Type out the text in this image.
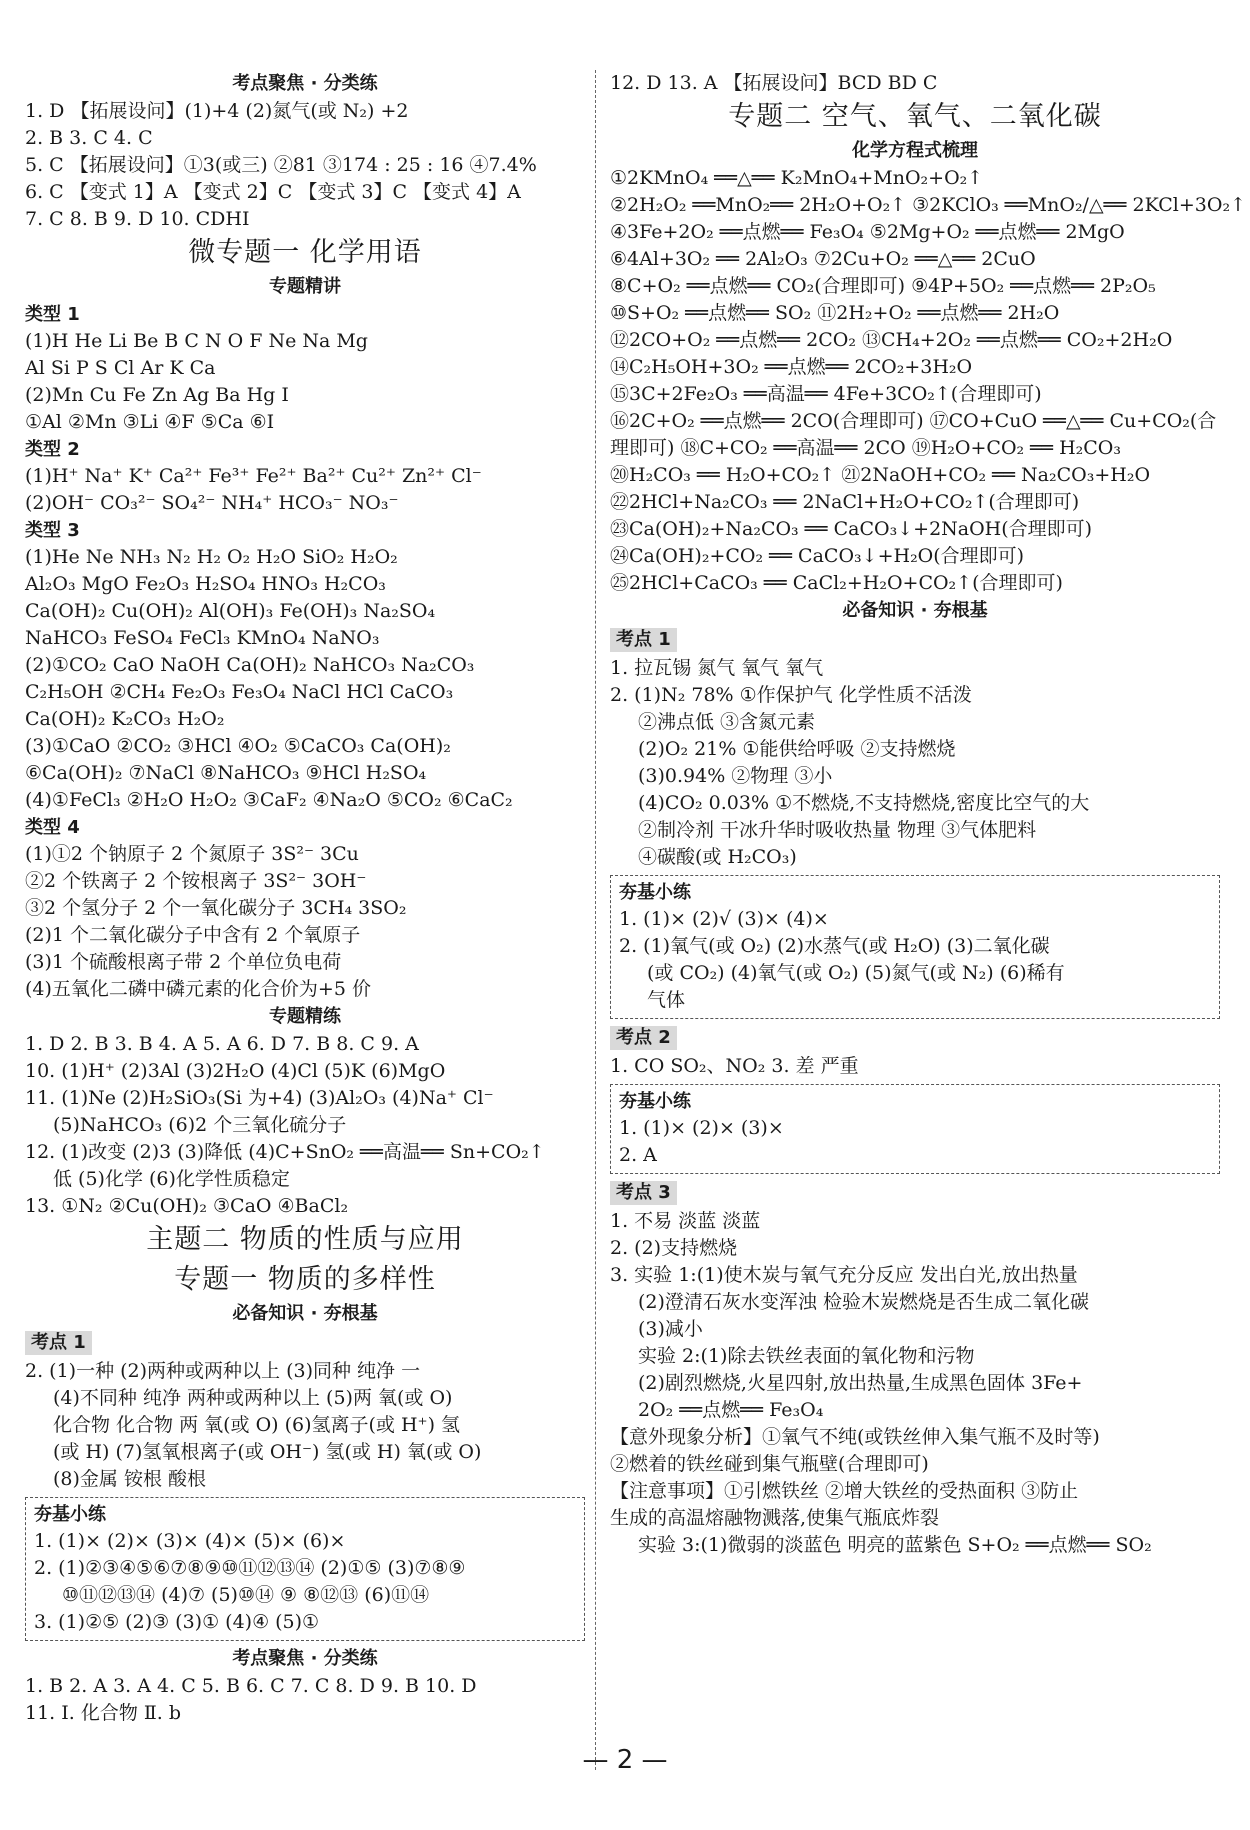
考点聚焦 · 分类练
1. D 【拓展设问】(1)+4 (2)氮气(或 N₂) +2
2. B 3. C 4. C
5. C 【拓展设问】①3(或三) ②81 ③174 : 25 : 16 ④7.4%
6. C 【变式 1】A 【变式 2】C 【变式 3】C 【变式 4】A
7. C 8. B 9. D 10. CDHI
微专题一 化学用语
专题精讲
类型 1
(1)H He Li Be B C N O F Ne Na Mg
Al Si P S Cl Ar K Ca
(2)Mn Cu Fe Zn Ag Ba Hg I
①Al ②Mn ③Li ④F ⑤Ca ⑥I
类型 2
(1)H⁺ Na⁺ K⁺ Ca²⁺ Fe³⁺ Fe²⁺ Ba²⁺ Cu²⁺ Zn²⁺ Cl⁻
(2)OH⁻ CO₃²⁻ SO₄²⁻ NH₄⁺ HCO₃⁻ NO₃⁻
类型 3
(1)He Ne NH₃ N₂ H₂ O₂ H₂O SiO₂ H₂O₂
Al₂O₃ MgO Fe₂O₃ H₂SO₄ HNO₃ H₂CO₃
Ca(OH)₂ Cu(OH)₂ Al(OH)₃ Fe(OH)₃ Na₂SO₄
NaHCO₃ FeSO₄ FeCl₃ KMnO₄ NaNO₃
(2)①CO₂ CaO NaOH Ca(OH)₂ NaHCO₃ Na₂CO₃
C₂H₅OH ②CH₄ Fe₂O₃ Fe₃O₄ NaCl HCl CaCO₃
Ca(OH)₂ K₂CO₃ H₂O₂
(3)①CaO ②CO₂ ③HCl ④O₂ ⑤CaCO₃ Ca(OH)₂
⑥Ca(OH)₂ ⑦NaCl ⑧NaHCO₃ ⑨HCl H₂SO₄
(4)①FeCl₃ ②H₂O H₂O₂ ③CaF₂ ④Na₂O ⑤CO₂ ⑥CaC₂
类型 4
(1)①2 个钠原子 2 个氮原子 3S²⁻ 3Cu
②2 个铁离子 2 个铵根离子 3S²⁻ 3OH⁻
③2 个氢分子 2 个一氧化碳分子 3CH₄ 3SO₂
(2)1 个二氧化碳分子中含有 2 个氧原子
(3)1 个硫酸根离子带 2 个单位负电荷
(4)五氧化二磷中磷元素的化合价为+5 价
专题精练
1. D 2. B 3. B 4. A 5. A 6. D 7. B 8. C 9. A
10. (1)H⁺ (2)3Al (3)2H₂O (4)Cl (5)K (6)MgO
11. (1)Ne (2)H₂SiO₃(Si 为+4) (3)Al₂O₃ (4)Na⁺ Cl⁻
(5)NaHCO₃ (6)2 个三氧化硫分子
12. (1)改变 (2)3 (3)降低 (4)C+SnO₂ ══高温══ Sn+CO₂↑
低 (5)化学 (6)化学性质稳定
13. ①N₂ ②Cu(OH)₂ ③CaO ④BaCl₂
主题二 物质的性质与应用
专题一 物质的多样性
必备知识 · 夯根基
考点 1
2. (1)一种 (2)两种或两种以上 (3)同种 纯净 一
(4)不同种 纯净 两种或两种以上 (5)两 氧(或 O)
化合物 化合物 两 氧(或 O) (6)氢离子(或 H⁺) 氢
(或 H) (7)氢氧根离子(或 OH⁻) 氢(或 H) 氧(或 O)
(8)金属 铵根 酸根
夯基小练
1. (1)× (2)× (3)× (4)× (5)× (6)×
2. (1)②③④⑤⑥⑦⑧⑨⑩⑪⑫⑬⑭ (2)①⑤ (3)⑦⑧⑨
⑩⑪⑫⑬⑭ (4)⑦ (5)⑩⑭ ⑨ ⑧⑫⑬ (6)⑪⑭
3. (1)②⑤ (2)③ (3)① (4)④ (5)①
考点聚焦 · 分类练
1. B 2. A 3. A 4. C 5. B 6. C 7. C 8. D 9. B 10. D
11. Ⅰ. 化合物 Ⅱ. b
12. D 13. A 【拓展设问】BCD BD C
专题二 空气、氧气、二氧化碳
化学方程式梳理
①2KMnO₄ ══△══ K₂MnO₄+MnO₂+O₂↑
②2H₂O₂ ══MnO₂══ 2H₂O+O₂↑ ③2KClO₃ ══MnO₂/△══ 2KCl+3O₂↑
④3Fe+2O₂ ══点燃══ Fe₃O₄ ⑤2Mg+O₂ ══点燃══ 2MgO
⑥4Al+3O₂ ══ 2Al₂O₃ ⑦2Cu+O₂ ══△══ 2CuO
⑧C+O₂ ══点燃══ CO₂(合理即可) ⑨4P+5O₂ ══点燃══ 2P₂O₅
⑩S+O₂ ══点燃══ SO₂ ⑪2H₂+O₂ ══点燃══ 2H₂O
⑫2CO+O₂ ══点燃══ 2CO₂ ⑬CH₄+2O₂ ══点燃══ CO₂+2H₂O
⑭C₂H₅OH+3O₂ ══点燃══ 2CO₂+3H₂O
⑮3C+2Fe₂O₃ ══高温══ 4Fe+3CO₂↑(合理即可)
⑯2C+O₂ ══点燃══ 2CO(合理即可) ⑰CO+CuO ══△══ Cu+CO₂(合
理即可) ⑱C+CO₂ ══高温══ 2CO ⑲H₂O+CO₂ ══ H₂CO₃
⑳H₂CO₃ ══ H₂O+CO₂↑ ㉑2NaOH+CO₂ ══ Na₂CO₃+H₂O
㉒2HCl+Na₂CO₃ ══ 2NaCl+H₂O+CO₂↑(合理即可)
㉓Ca(OH)₂+Na₂CO₃ ══ CaCO₃↓+2NaOH(合理即可)
㉔Ca(OH)₂+CO₂ ══ CaCO₃↓+H₂O(合理即可)
㉕2HCl+CaCO₃ ══ CaCl₂+H₂O+CO₂↑(合理即可)
必备知识 · 夯根基
考点 1
1. 拉瓦锡 氮气 氧气 氧气
2. (1)N₂ 78% ①作保护气 化学性质不活泼
②沸点低 ③含氮元素
(2)O₂ 21% ①能供给呼吸 ②支持燃烧
(3)0.94% ②物理 ③小
(4)CO₂ 0.03% ①不燃烧,不支持燃烧,密度比空气的大
②制冷剂 干冰升华时吸收热量 物理 ③气体肥料
④碳酸(或 H₂CO₃)
夯基小练
1. (1)× (2)√ (3)× (4)×
2. (1)氧气(或 O₂) (2)水蒸气(或 H₂O) (3)二氧化碳
(或 CO₂) (4)氧气(或 O₂) (5)氮气(或 N₂) (6)稀有
气体
考点 2
1. CO SO₂、NO₂ 3. 差 严重
夯基小练
1. (1)× (2)× (3)×
2. A
考点 3
1. 不易 淡蓝 淡蓝
2. (2)支持燃烧
3. 实验 1:(1)使木炭与氧气充分反应 发出白光,放出热量
(2)澄清石灰水变浑浊 检验木炭燃烧是否生成二氧化碳
(3)减小
实验 2:(1)除去铁丝表面的氧化物和污物
(2)剧烈燃烧,火星四射,放出热量,生成黑色固体 3Fe+
2O₂ ══点燃══ Fe₃O₄
【意外现象分析】①氧气不纯(或铁丝伸入集气瓶不及时等)
②燃着的铁丝碰到集气瓶壁(合理即可)
【注意事项】①引燃铁丝 ②增大铁丝的受热面积 ③防止
生成的高温熔融物溅落,使集气瓶底炸裂
实验 3:(1)微弱的淡蓝色 明亮的蓝紫色 S+O₂ ══点燃══ SO₂
— 2 —
